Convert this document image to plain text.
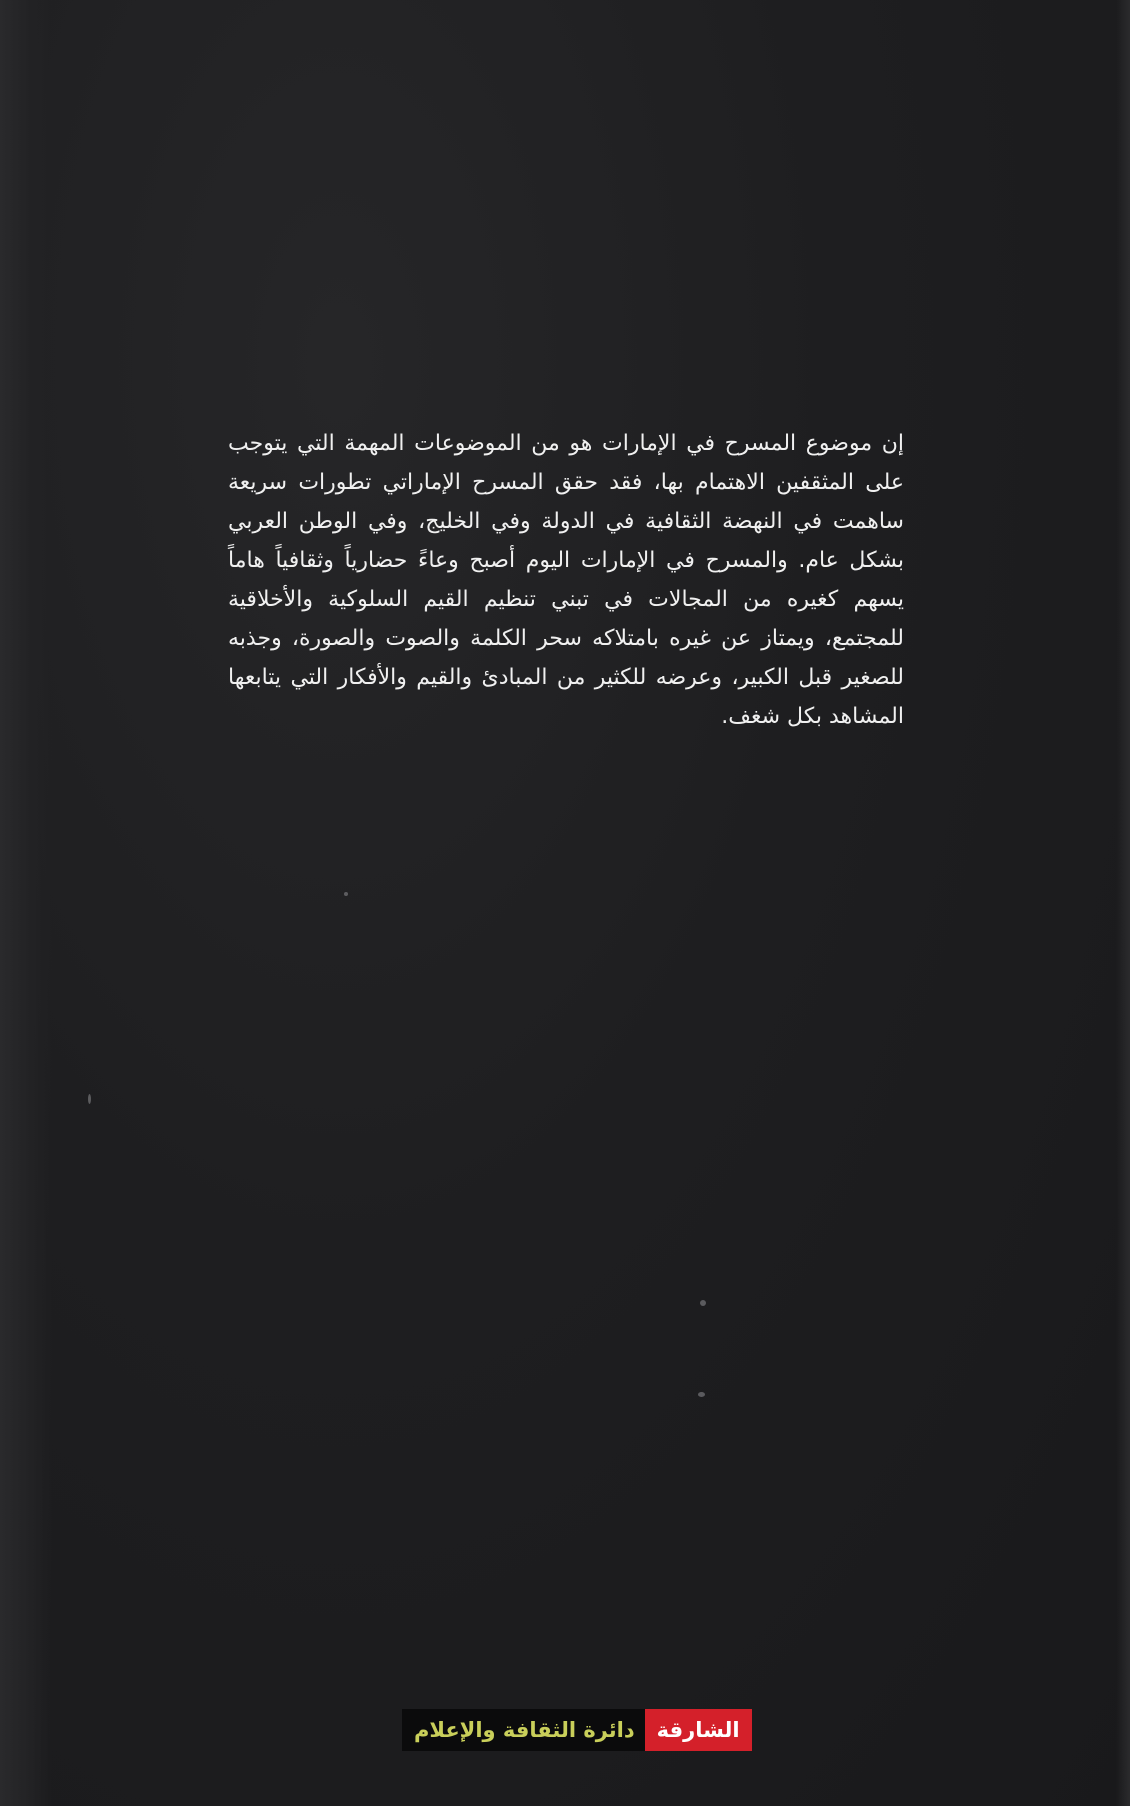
إن موضوع المسرح في الإمارات هو من الموضوعات المهمة التي يتوجب على المثقفين الاهتمام بها، فقد حقق المسرح الإماراتي تطورات سريعة ساهمت في النهضة الثقافية في الدولة وفي الخليج، وفي الوطن العربي بشكل عام. والمسرح في الإمارات اليوم أصبح وعاءً حضارياً وثقافياً هاماً يسهم كغيره من المجالات في تبني تنظيم القيم السلوكية والأخلاقية للمجتمع، ويمتاز عن غيره بامتلاكه سحر الكلمة والصوت والصورة، وجذبه للصغير قبل الكبير، وعرضه للكثير من المبادئ والقيم والأفكار التي يتابعها المشاهد بكل شغف.

دائرة الثقافة والإعلام	الشارقة
